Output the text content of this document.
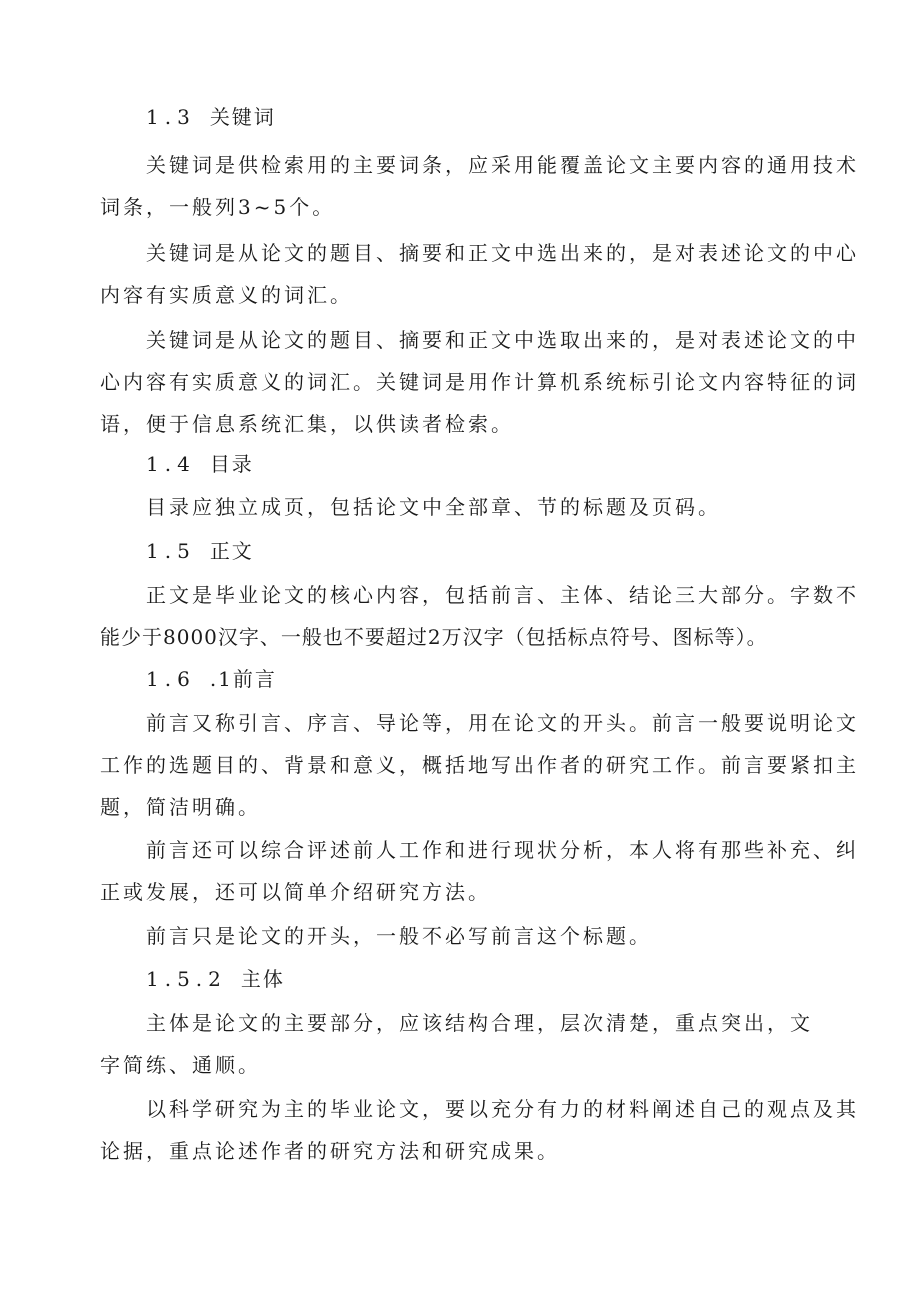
1.3 关键词
关键词是供检索用的主要词条，应采用能覆盖论文主要内容的通用技术
词条，一般列3~5个。
关键词是从论文的题目、摘要和正文中选出来的，是对表述论文的中心
内容有实质意义的词汇。
关键词是从论文的题目、摘要和正文中选取出来的，是对表述论文的中
心内容有实质意义的词汇。关键词是用作计算机系统标引论文内容特征的词
语，便于信息系统汇集，以供读者检索。
1.4 目录
目录应独立成页，包括论文中全部章、节的标题及页码。
1.5 正文
正文是毕业论文的核心内容，包括前言、主体、结论三大部分。字数不
能少于8000汉字、一般也不要超过2万汉字（包括标点符号、图标等）。
1.6 .1前言
前言又称引言、序言、导论等，用在论文的开头。前言一般要说明论文
工作的选题目的、背景和意义，概括地写出作者的研究工作。前言要紧扣主
题，简洁明确。
前言还可以综合评述前人工作和进行现状分析，本人将有那些补充、纠
正或发展，还可以简单介绍研究方法。
前言只是论文的开头，一般不必写前言这个标题。
1.5.2 主体
主体是论文的主要部分，应该结构合理，层次清楚，重点突出，文
字简练、通顺。
以科学研究为主的毕业论文，要以充分有力的材料阐述自己的观点及其
论据，重点论述作者的研究方法和研究成果。
